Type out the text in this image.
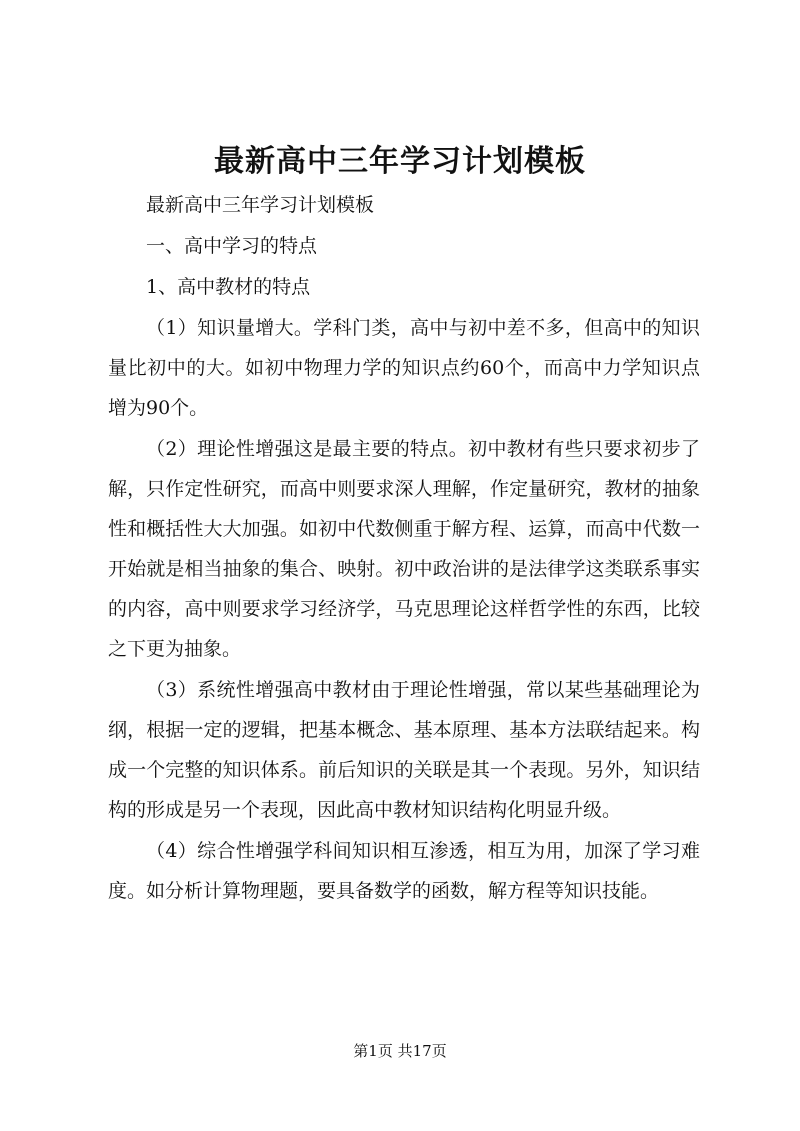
最新高中三年学习计划模板

最新高中三年学习计划模板

一、高中学习的特点

1、高中教材的特点

（1）知识量增大。学科门类，高中与初中差不多，但高中的知识量比初中的大。如初中物理力学的知识点约60个，而高中力学知识点增为90个。

（2）理论性增强这是最主要的特点。初中教材有些只要求初步了解，只作定性研究，而高中则要求深人理解，作定量研究，教材的抽象性和概括性大大加强。如初中代数侧重于解方程、运算，而高中代数一开始就是相当抽象的集合、映射。初中政治讲的是法律学这类联系事实的内容，高中则要求学习经济学，马克思理论这样哲学性的东西，比较之下更为抽象。

（3）系统性增强高中教材由于理论性增强，常以某些基础理论为纲，根据一定的逻辑，把基本概念、基本原理、基本方法联结起来。构成一个完整的知识体系。前后知识的关联是其一个表现。另外，知识结构的形成是另一个表现，因此高中教材知识结构化明显升级。

（4）综合性增强学科间知识相互渗透，相互为用，加深了学习难度。如分析计算物理题，要具备数学的函数，解方程等知识技能。

第1页 共17页
